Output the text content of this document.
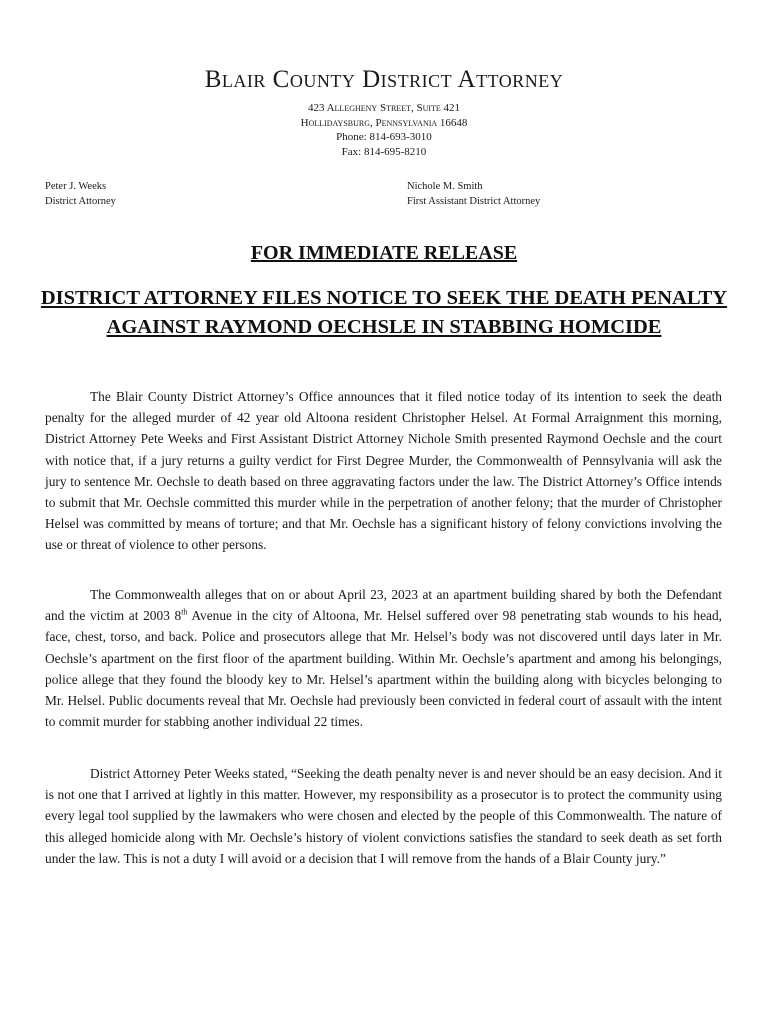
Blair County District Attorney
423 Allegheny Street, Suite 421
Hollidaysburg, Pennsylvania 16648
Phone: 814-693-3010
Fax: 814-695-8210
Peter J. Weeks
District Attorney
Nichole M. Smith
First Assistant District Attorney
FOR IMMEDIATE RELEASE
DISTRICT ATTORNEY FILES NOTICE TO SEEK THE DEATH PENALTY AGAINST RAYMOND OECHSLE IN STABBING HOMCIDE

The Blair County District Attorney’s Office announces that it filed notice today of its intention to seek the death penalty for the alleged murder of 42 year old Altoona resident Christopher Helsel. At Formal Arraignment this morning, District Attorney Pete Weeks and First Assistant District Attorney Nichole Smith presented Raymond Oechsle and the court with notice that, if a jury returns a guilty verdict for First Degree Murder, the Commonwealth of Pennsylvania will ask the jury to sentence Mr. Oechsle to death based on three aggravating factors under the law. The District Attorney’s Office intends to submit that Mr. Oechsle committed this murder while in the perpetration of another felony; that the murder of Christopher Helsel was committed by means of torture; and that Mr. Oechsle has a significant history of felony convictions involving the use or threat of violence to other persons.

The Commonwealth alleges that on or about April 23, 2023 at an apartment building shared by both the Defendant and the victim at 2003 8th Avenue in the city of Altoona, Mr. Helsel suffered over 98 penetrating stab wounds to his head, face, chest, torso, and back. Police and prosecutors allege that Mr. Helsel’s body was not discovered until days later in Mr. Oechsle’s apartment on the first floor of the apartment building. Within Mr. Oechsle’s apartment and among his belongings, police allege that they found the bloody key to Mr. Helsel’s apartment within the building along with bicycles belonging to Mr. Helsel. Public documents reveal that Mr. Oechsle had previously been convicted in federal court of assault with the intent to commit murder for stabbing another individual 22 times.

District Attorney Peter Weeks stated, “Seeking the death penalty never is and never should be an easy decision. And it is not one that I arrived at lightly in this matter. However, my responsibility as a prosecutor is to protect the community using every legal tool supplied by the lawmakers who were chosen and elected by the people of this Commonwealth. The nature of this alleged homicide along with Mr. Oechsle’s history of violent convictions satisfies the standard to seek death as set forth under the law. This is not a duty I will avoid or a decision that I will remove from the hands of a Blair County jury.”
